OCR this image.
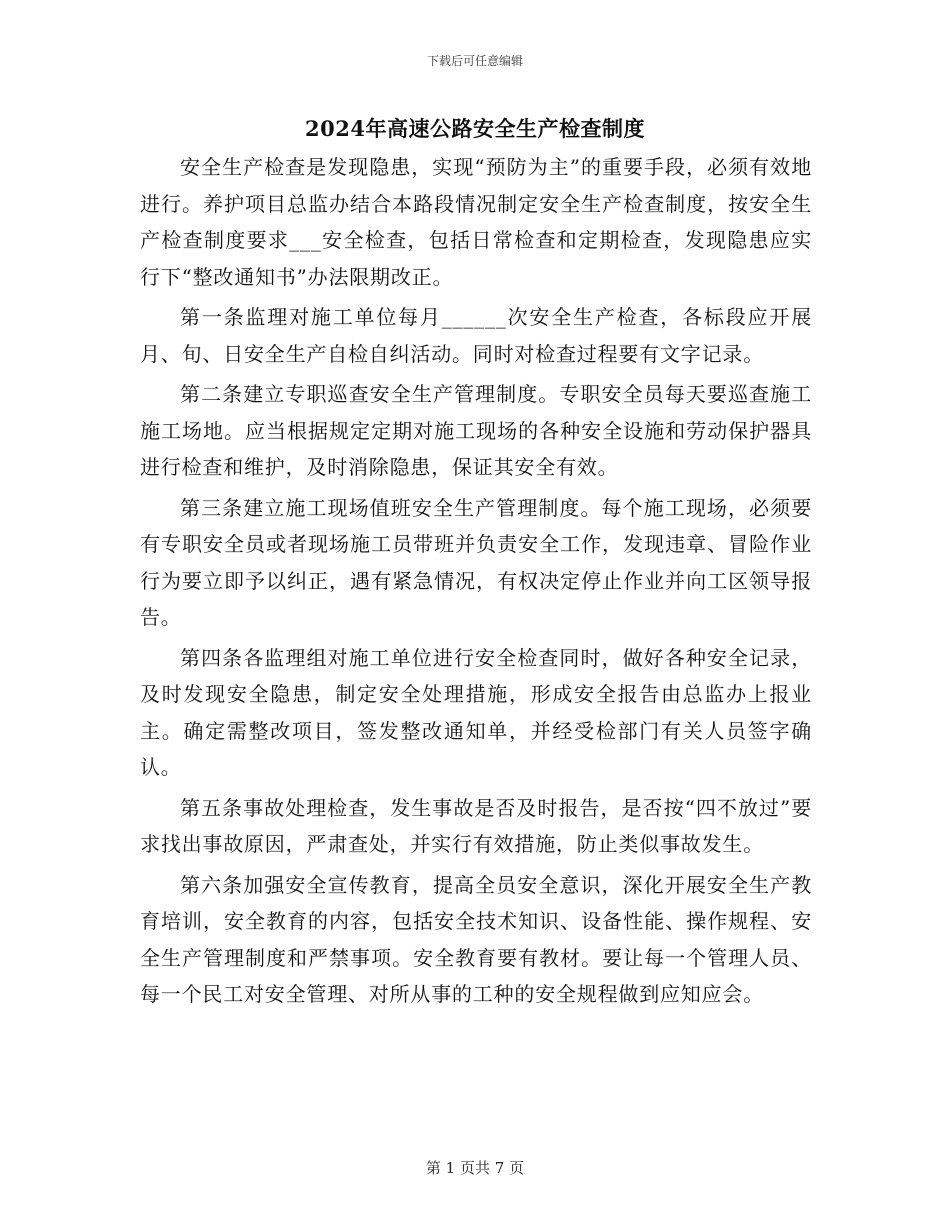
下载后可任意编辑
2024年高速公路安全生产检查制度

安全生产检查是发现隐患，实现“预防为主”的重要手段，必须有效地进行。养护项目总监办结合本路段情况制定安全生产检查制度，按安全生产检查制度要求___安全检查，包括日常检查和定期检查，发现隐患应实行下“整改通知书”办法限期改正。

第一条监理对施工单位每月______次安全生产检查，各标段应开展月、旬、日安全生产自检自纠活动。同时对检查过程要有文字记录。

第二条建立专职巡查安全生产管理制度。专职安全员每天要巡查施工施工场地。应当根据规定定期对施工现场的各种安全设施和劳动保护器具进行检查和维护，及时消除隐患，保证其安全有效。

第三条建立施工现场值班安全生产管理制度。每个施工现场，必须要有专职安全员或者现场施工员带班并负责安全工作，发现违章、冒险作业行为要立即予以纠正，遇有紧急情况，有权决定停止作业并向工区领导报告。

第四条各监理组对施工单位进行安全检查同时，做好各种安全记录，及时发现安全隐患，制定安全处理措施，形成安全报告由总监办上报业主。确定需整改项目，签发整改通知单，并经受检部门有关人员签字确认。

第五条事故处理检查，发生事故是否及时报告，是否按“四不放过”要求找出事故原因，严肃查处，并实行有效措施，防止类似事故发生。

第六条加强安全宣传教育，提高全员安全意识，深化开展安全生产教育培训，安全教育的内容，包括安全技术知识、设备性能、操作规程、安全生产管理制度和严禁事项。安全教育要有教材。要让每一个管理人员、每一个民工对安全管理、对所从事的工种的安全规程做到应知应会。

第 1 页共 7 页
